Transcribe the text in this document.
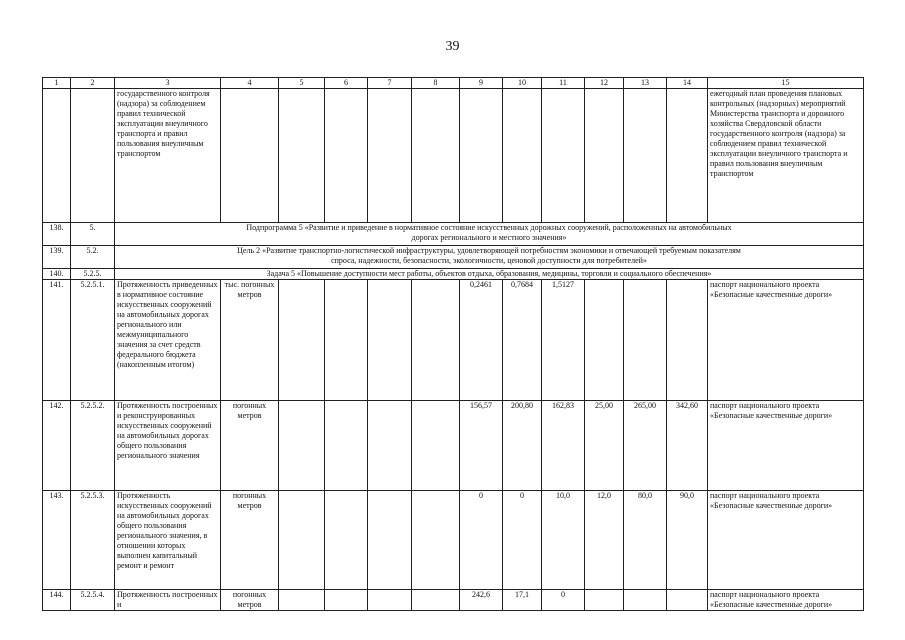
39
1	2	3	4	5	6	7	8	9	10	11	12	13	14	15
		государственного контроля (надзора) за соблюдением правил технической эксплуатации внеуличного транспорта и правил пользования внеуличным транспортом												ежегодный план проведения плановых контрольных (надзорных) мероприятий Министерства транспорта и дорожного хозяйства Свердловской области государственного контроля (надзора) за соблюдением правил технической эксплуатации внеуличного транспорта и правил пользования внеуличным транспортом
138.	5.	Подпрограмма 5 «Развитие и приведение в нормативное состояние искусственных дорожных сооружений, расположенных на автомобильных дорогах регионального и местного значения»												
139.	5.2.	Цель 2 «Развитие транспортно-логистической инфраструктуры, удовлетворяющей потребностям экономики и отвечающей требуемым показателям спроса, надежности, безопасности, экологичности, ценовой доступности для потребителей»												
140.	5.2.5.	Задача 5 «Повышение доступности мест работы, объектов отдыха, образования, медицины, торговли и социального обеспечения»												
141.	5.2.5.1.	Протяженность приведенных в нормативное состояние искусственных сооружений на автомобильных дорогах регионального или межмуниципального значения за счет средств федерального бюджета (накопленным итогом)	тыс. погонных метров					0,2461	0,7684	1,5127				паспорт национального проекта «Безопасные качественные дороги»
142.	5.2.5.2.	Протяженность построенных и реконструированных искусственных сооружений на автомобильных дорогах общего пользования регионального значения	погонных метров					156,57	200,80	162,83	25,00	265,00	342,60	паспорт национального проекта «Безопасные качественные дороги»
143.	5.2.5.3.	Протяженность искусственных сооружений на автомобильных дорогах общего пользования регионального значения, в отношении которых выполнен капитальный ремонт и ремонт	погонных метров					0	0	10,0	12,0	80,0	90,0	паспорт национального проекта «Безопасные качественные дороги»
144.	5.2.5.4.	Протяженность построенных и	погонных метров					242,6	17,1	0				паспорт национального проекта «Безопасные качественные дороги»
